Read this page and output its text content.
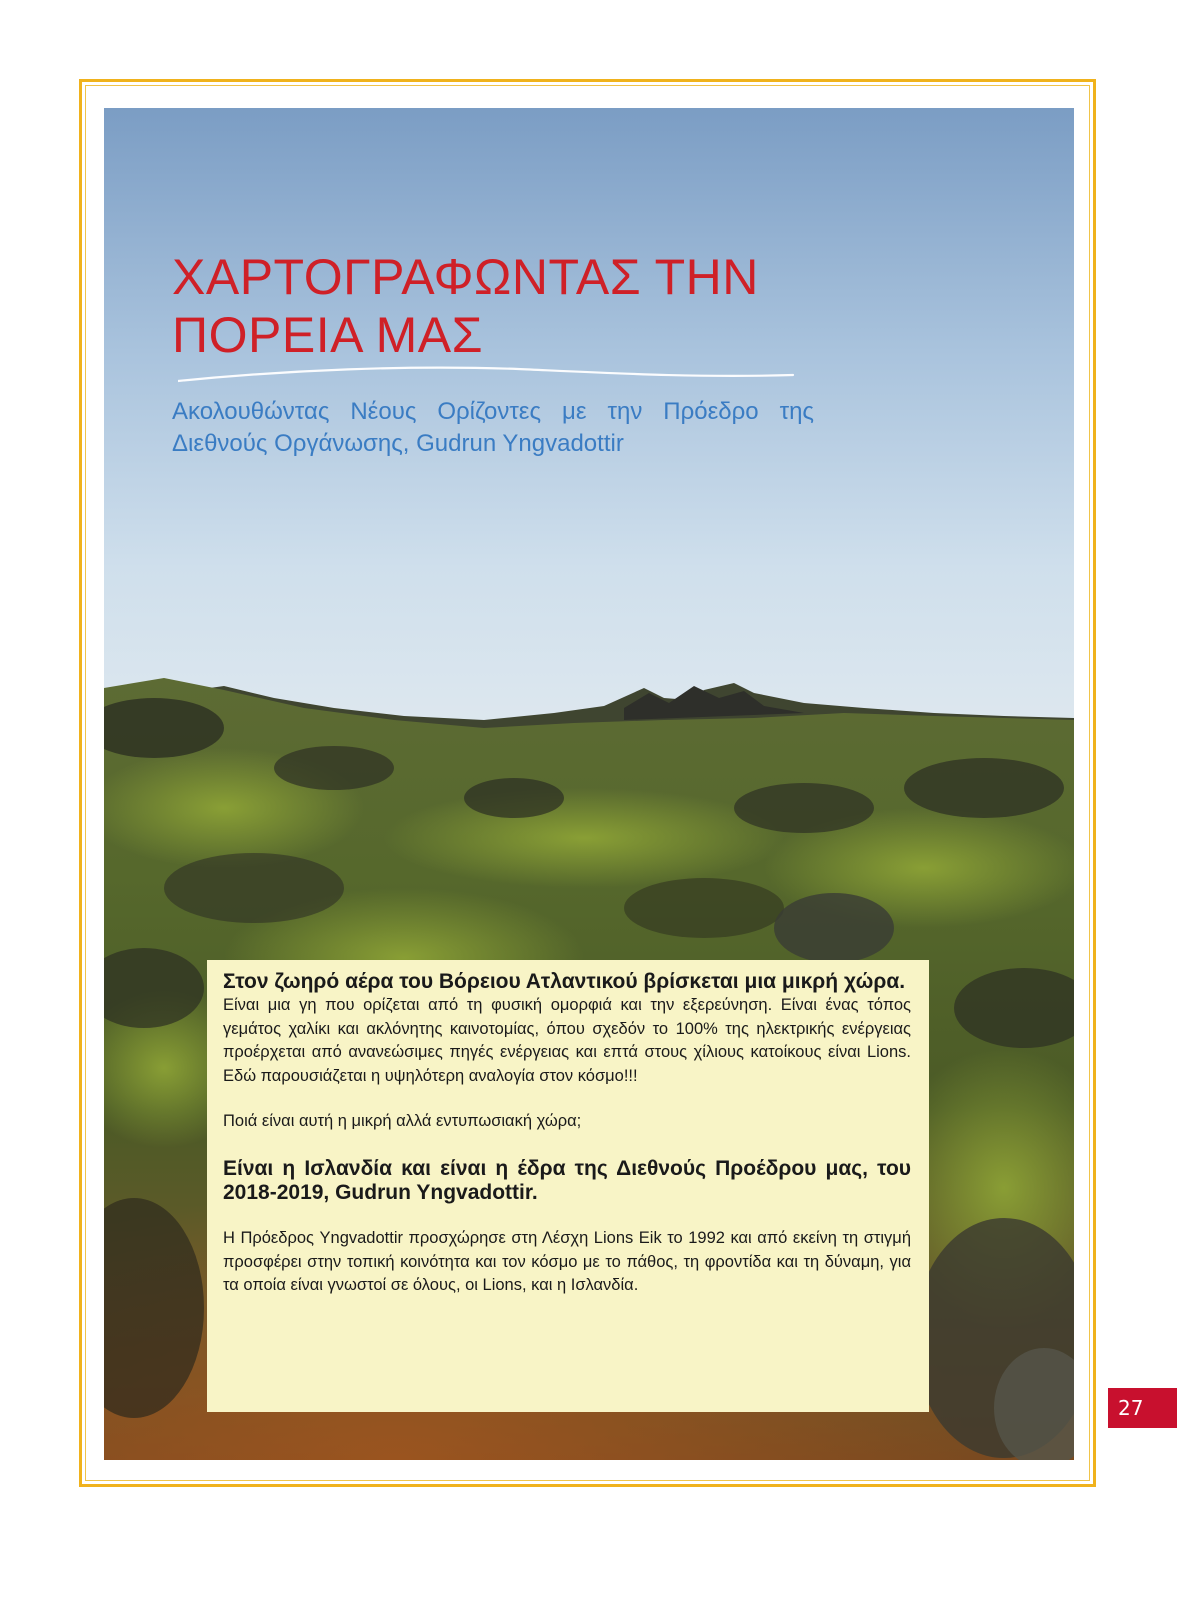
ΧΑΡΤΟΓΡΑΦΩΝΤΑΣ ΤΗΝ
ΠΟΡΕΙΑ ΜΑΣ

Ακολουθώντας Νέους Ορίζοντες με την Πρόεδρο της Διεθνούς Οργάνωσης, Gudrun Yngvadottir

Στον ζωηρό αέρα του Βόρειου Ατλαντικού βρίσκεται μια μικρή χώρα.

Είναι μια γη που ορίζεται από τη φυσική ομορφιά και την εξερεύνηση. Είναι ένας τόπος γεμάτος χαλίκι και ακλόνητης καινοτομίας, όπου σχεδόν το 100% της ηλεκτρικής ενέργειας προέρχεται από ανανεώσιμες πηγές ενέργειας και επτά στους χίλιους κατοίκους είναι Lions. Εδώ παρουσιάζεται η υψηλότερη αναλογία στον κόσμο!!!

Ποιά είναι αυτή η μικρή αλλά εντυπωσιακή χώρα;

Είναι η Ισλανδία και είναι η έδρα της Διεθνούς Προέδρου μας, του 2018-2019, Gudrun Yngvadottir.

Η Πρόεδρος Yngvadottir προσχώρησε στη Λέσχη Lions Eik το 1992 και από εκείνη τη στιγμή προσφέρει στην τοπική κοινότητα και τον κόσμο με το πάθος, τη φροντίδα και τη δύναμη, για τα οποία είναι γνωστοί σε όλους, οι Lions, και η Ισλανδία.

27
